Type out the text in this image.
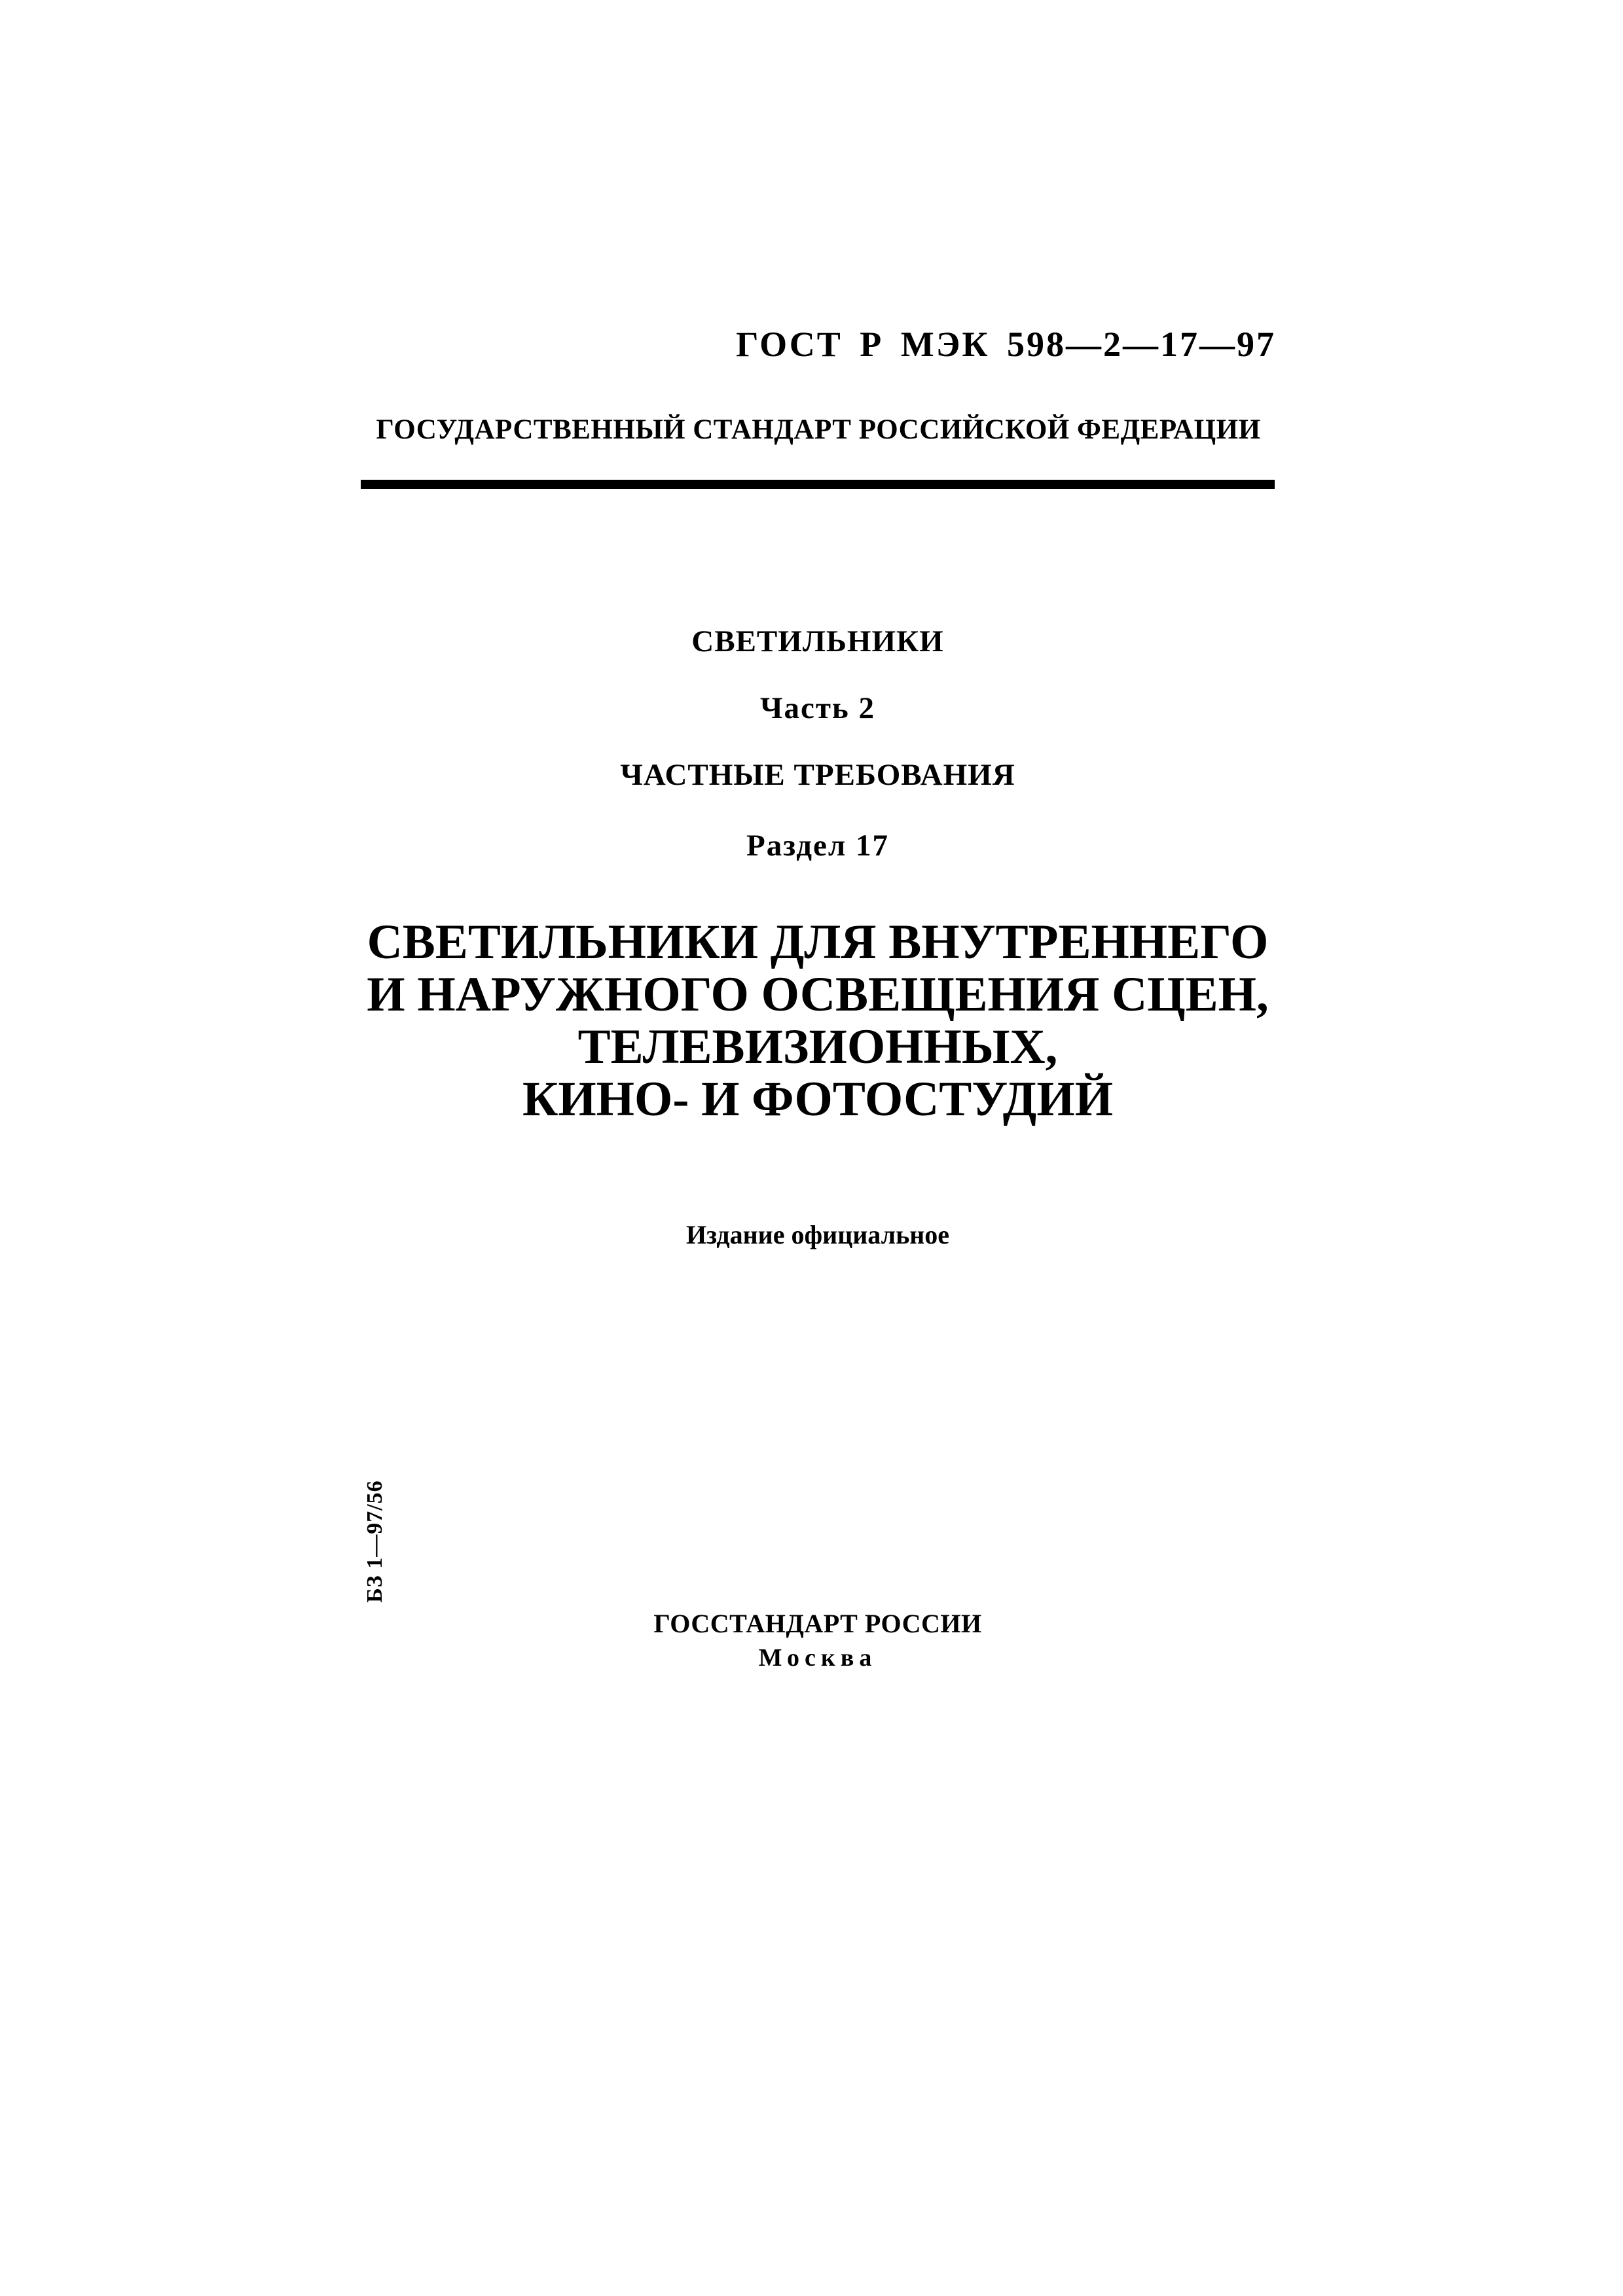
ГОСТ Р МЭК 598—2—17—97
ГОСУДАРСТВЕННЫЙ СТАНДАРТ РОССИЙСКОЙ ФЕДЕРАЦИИ
СВЕТИЛЬНИКИ
Часть 2
ЧАСТНЫЕ ТРЕБОВАНИЯ
Раздел 17
СВЕТИЛЬНИКИ ДЛЯ ВНУТРЕННЕГО
И НАРУЖНОГО ОСВЕЩЕНИЯ СЦЕН,
ТЕЛЕВИЗИОННЫХ,
КИНО- И ФОТОСТУДИЙ
Издание официальное
БЗ 1—97/56
ГОССТАНДАРТ РОССИИ
Москва
